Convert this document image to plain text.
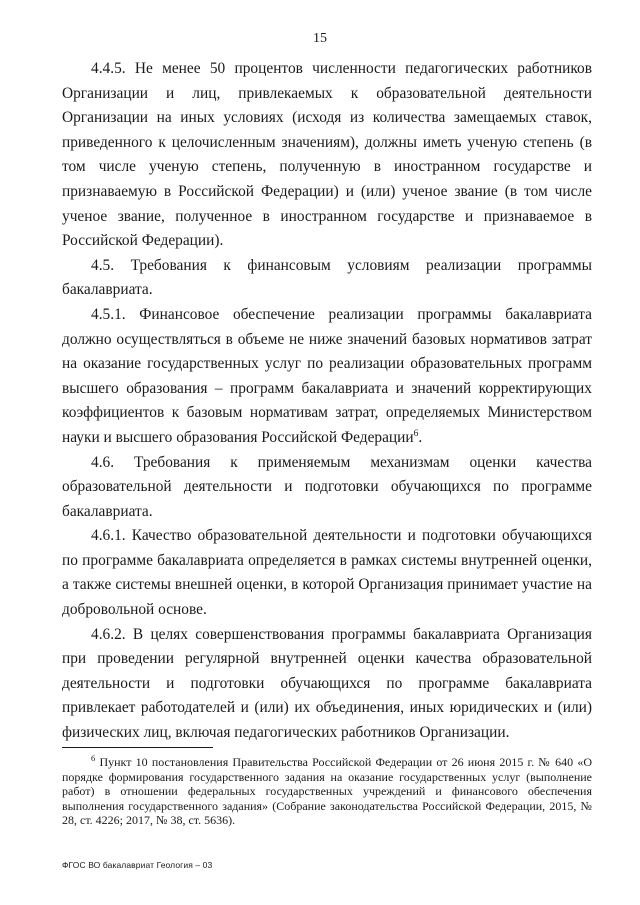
15

4.4.5. Не менее 50 процентов численности педагогических работников Организации и лиц, привлекаемых к образовательной деятельности Организации на иных условиях (исходя из количества замещаемых ставок, приведенного к целочисленным значениям), должны иметь ученую степень (в том числе ученую степень, полученную в иностранном государстве и признаваемую в Российской Федерации) и (или) ученое звание (в том числе ученое звание, полученное в иностранном государстве и признаваемое в Российской Федерации).

4.5. Требования к финансовым условиям реализации программы бакалавриата.

4.5.1. Финансовое обеспечение реализации программы бакалавриата должно осуществляться в объеме не ниже значений базовых нормативов затрат на оказание государственных услуг по реализации образовательных программ высшего образования – программ бакалавриата и значений корректирующих коэффициентов к базовым нормативам затрат, определяемых Министерством науки и высшего образования Российской Федерации$^6$.

4.6. Требования к применяемым механизмам оценки качества образовательной деятельности и подготовки обучающихся по программе бакалавриата.

4.6.1. Качество образовательной деятельности и подготовки обучающихся по программе бакалавриата определяется в рамках системы внутренней оценки, а также системы внешней оценки, в которой Организация принимает участие на добровольной основе.

4.6.2. В целях совершенствования программы бакалавриата Организация при проведении регулярной внутренней оценки качества образовательной деятельности и подготовки обучающихся по программе бакалавриата привлекает работодателей и (или) их объединения, иных юридических и (или) физических лиц, включая педагогических работников Организации.

$^6$ Пункт 10 постановления Правительства Российской Федерации от 26 июня 2015 г. № 640 «О порядке формирования государственного задания на оказание государственных услуг (выполнение работ) в отношении федеральных государственных учреждений и финансового обеспечения выполнения государственного задания» (Собрание законодательства Российской Федерации, 2015, № 28, ст. 4226; 2017, № 38, ст. 5636).

ФГОС ВО бакалавриат Геология – 03
